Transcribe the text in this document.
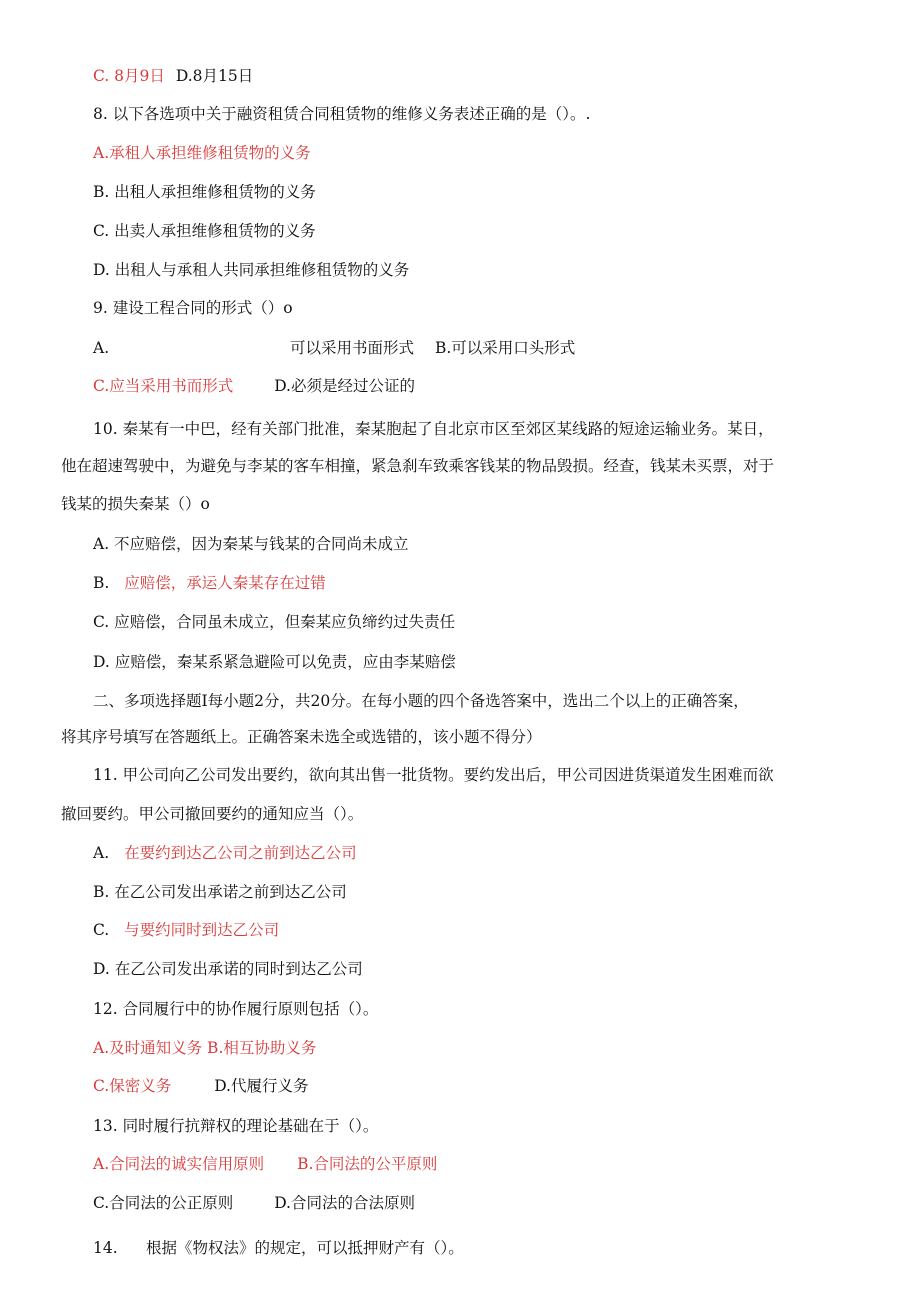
C. 8月9日 D.8月15日
8. 以下各选项中关于融资租赁合同租赁物的维修义务表述正确的是（）。.
A.承租人承担维修租赁物的义务
B. 出租人承担维修租赁物的义务
C. 出卖人承担维修租赁物的义务
D. 出租人与承租人共同承担维修租赁物的义务
9. 建设工程合同的形式（）o
A.	可以采用书面形式 B.可以采用口头形式
C.应当采用书而形式	D.必须是经过公证的
10. 秦某有一中巴，经有关部门批准，秦某胞起了自北京市区至郊区某线路的短途运输业务。某日，
他在超速驾驶中，为避免与李某的客车相撞，紧急刹车致乘客钱某的物品毁损。经查，钱某未买票，对于
钱某的损失秦某（）o
A. 不应赔偿，因为秦某与钱某的合同尚未成立
B. 应赔偿，承运人秦某存在过错
C. 应赔偿，合同虽未成立，但秦某应负缔约过失责任
D. 应赔偿，秦某系紧急避险可以免责，应由李某赔偿
二、多项选择题I每小题2分，共20分。在每小题的四个备选答案中，选出二个以上的正确答案，
将其序号填写在答题纸上。正确答案未选全或选错的，该小题不得分）
11. 甲公司向乙公司发出要约，欲向其出售一批货物。要约发出后，甲公司因进货渠道发生困难而欲
撤回要约。甲公司撤回要约的通知应当（）。
A. 在要约到达乙公司之前到达乙公司
B. 在乙公司发出承诺之前到达乙公司
C. 与要约同时到达乙公司
D. 在乙公司发出承诺的同时到达乙公司
12. 合同履行中的协作履行原则包括（）。
A.及时通知义务 B.相互协助义务
C.保密义务	D.代履行义务
13. 同时履行抗辩权的理论基础在于（）。
A.合同法的诚实信用原则 B.合同法的公平原则
C.合同法的公正原则	D.合同法的合法原则
14. 根据《物权法》的规定，可以抵押财产有（）。
